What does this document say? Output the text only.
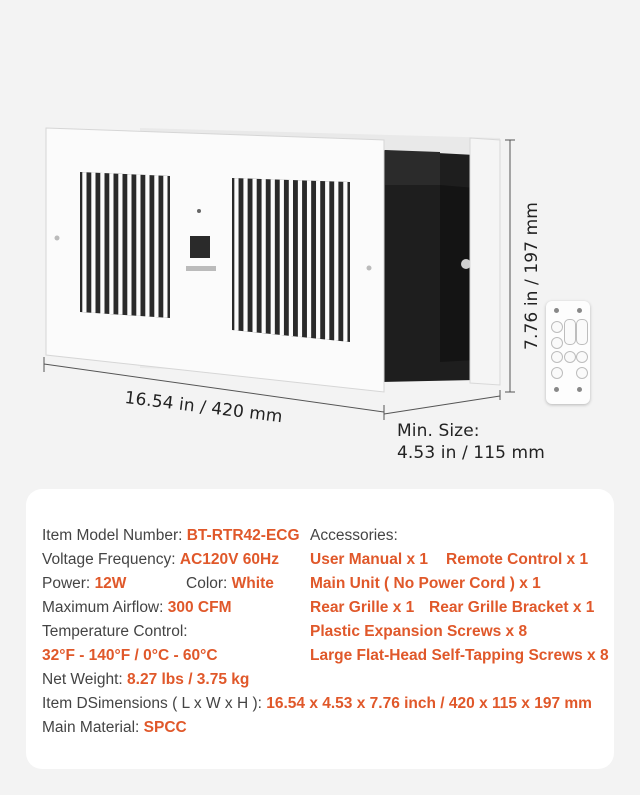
16.54 in / 420 mm
7.76 in / 197 mm
Min. Size:
4.53 in / 115 mm
Item Model Number: BT-RTR42-ECG
Voltage Frequency: AC120V 60Hz
Power: 12W	Color: White
Maximum Airflow: 300 CFM
Temperature Control:
32°F - 140°F / 0°C - 60°C
Net Weight: 8.27 lbs / 3.75 kg
Item DSimensions ( L x W x H ): 16.54 x 4.53 x 7.76 inch / 420 x 115 x 197 mm
Main Material: SPCC
Accessories:
User Manual x 1 Remote Control x 1
Main Unit ( No Power Cord ) x 1
Rear Grille x 1 Rear Grille Bracket x 1
Plastic Expansion Screws x 8
Large Flat-Head Self-Tapping Screws x 8
